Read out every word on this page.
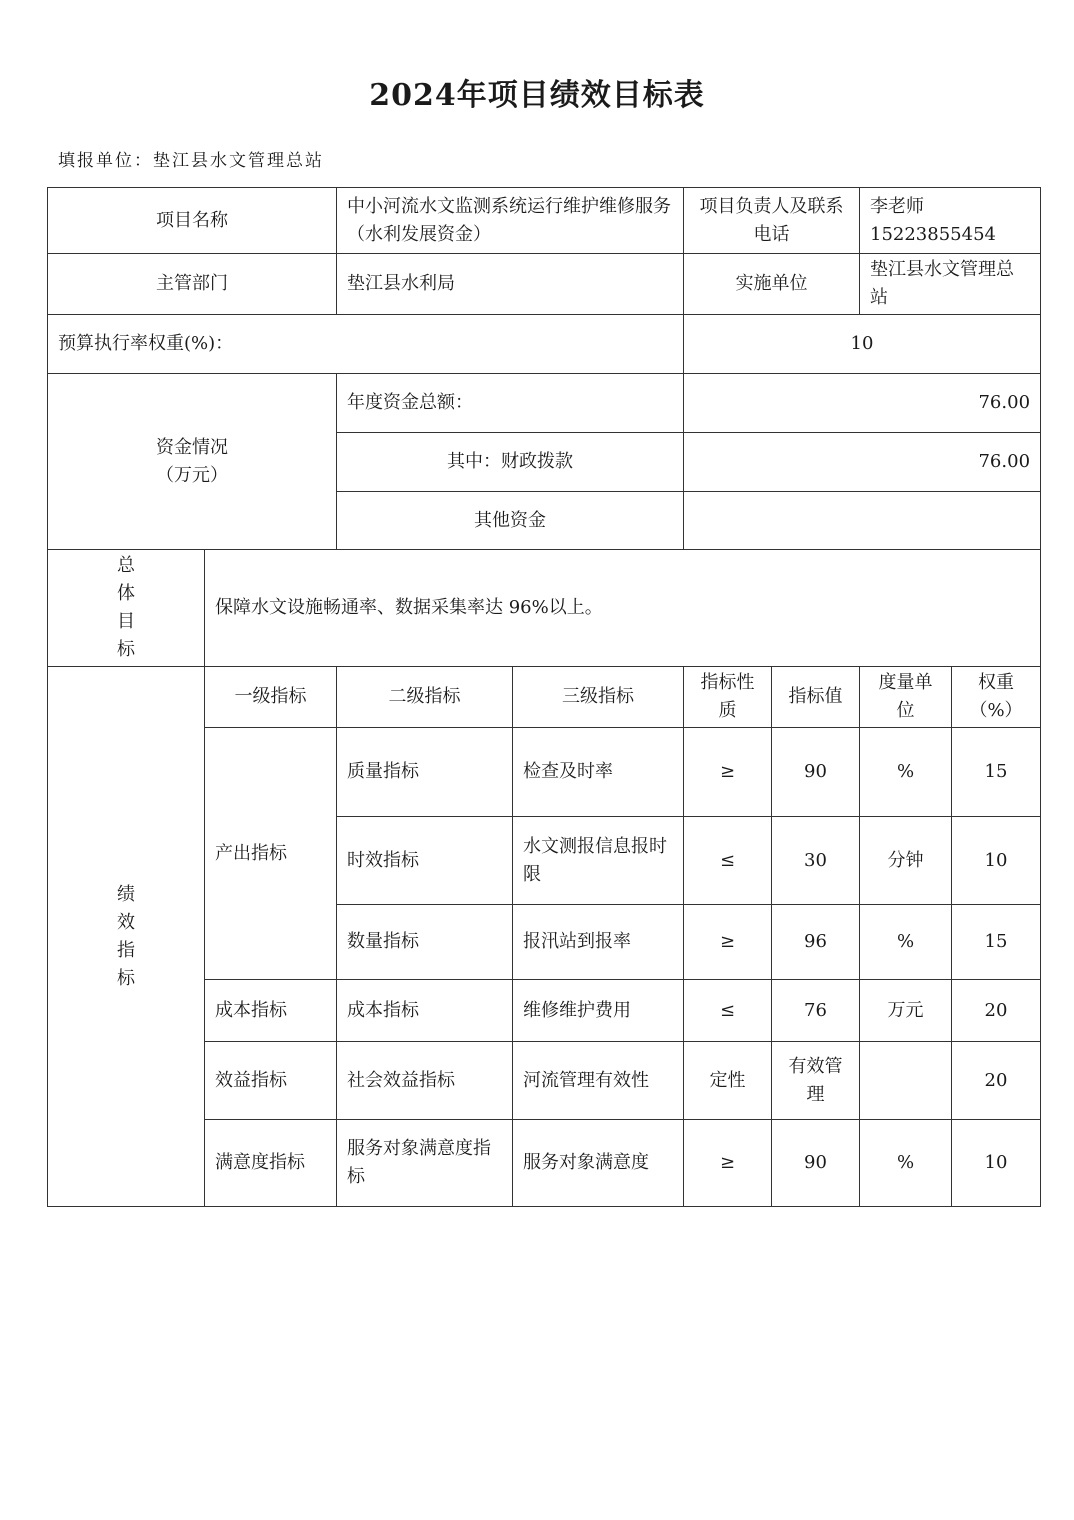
2024年项目绩效目标表
填报单位：垫江县水文管理总站
项目名称		中小河流水文监测系统运行维护维修服务（水利发展资金）		项目负责人及联系电话		李老师
15223855454	
主管部门		垫江县水利局		实施单位		垫江县水文管理总站	
预算执行率权重(%)：				10			
资金情况
（万元）		年度资金总额：		76.00			
		其中：财政拨款		76.00			
		其他资金					

总
体
目
标	保障水文设施畅通率、数据采集率达 96%以上。						

绩
效
指
标	一级指标	二级指标	三级指标	指标性质	指标值	度量单位	权重（%）
	产出指标	质量指标	检查及时率	≥	90	%	15
		时效指标	水文测报信息报时限	≤	30	分钟	10
		数量指标	报汛站到报率	≥	96	%	15
	成本指标	成本指标	维修维护费用	≤	76	万元	20
	效益指标	社会效益指标	河流管理有效性	定性	有效管理		20
	满意度指标	服务对象满意度指标	服务对象满意度	≥	90	%	10
